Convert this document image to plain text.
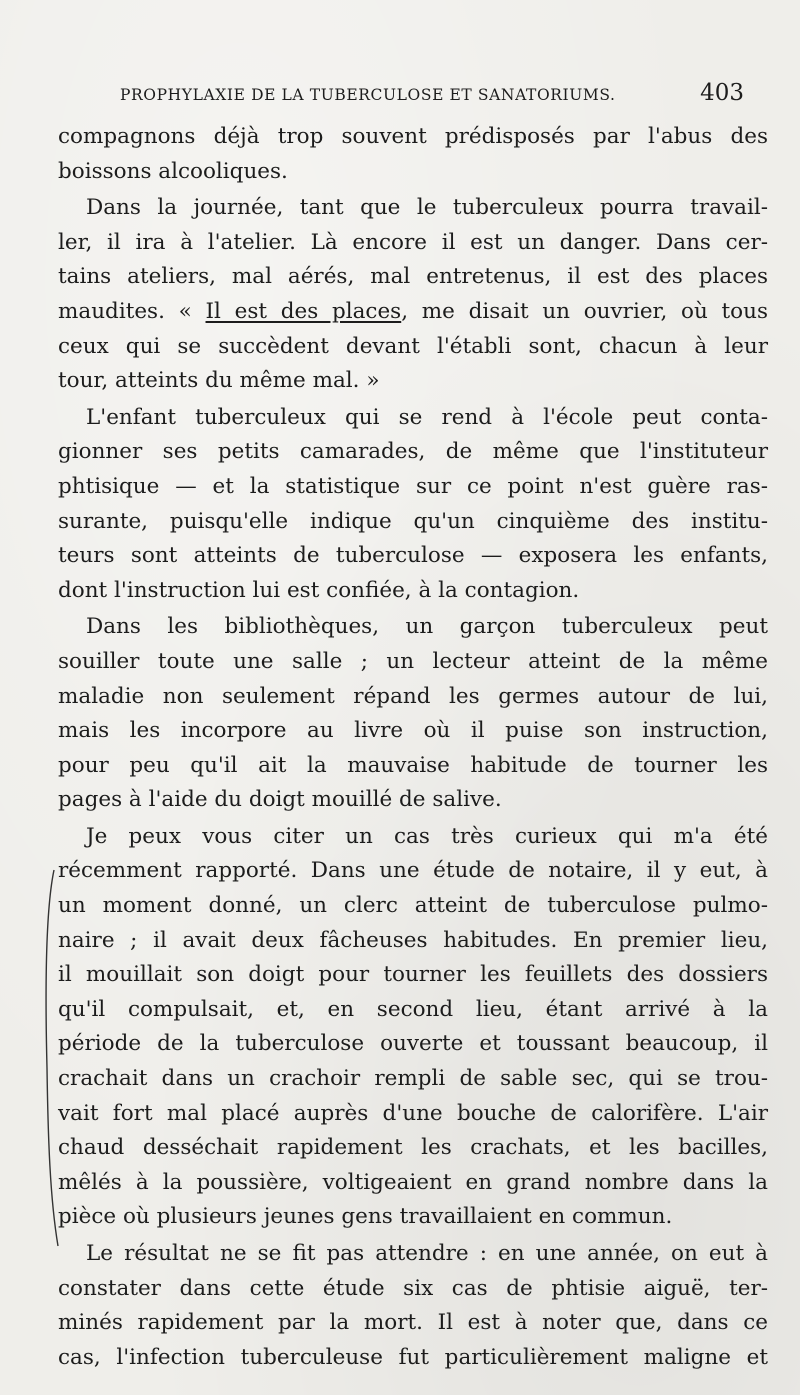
PROPHYLAXIE DE LA TUBERCULOSE ET SANATORIUMS.	403
compagnons déjà trop souvent prédisposés par l'abus des
boissons alcooliques.
Dans la journée, tant que le tuberculeux pourra travail-
ler, il ira à l'atelier. Là encore il est un danger. Dans cer-
tains ateliers, mal aérés, mal entretenus, il est des places
maudites. « Il est des places, me disait un ouvrier, où tous
ceux qui se succèdent devant l'établi sont, chacun à leur
tour, atteints du même mal. »
L'enfant tuberculeux qui se rend à l'école peut conta-
gionner ses petits camarades, de même que l'instituteur
phtisique — et la statistique sur ce point n'est guère ras-
surante, puisqu'elle indique qu'un cinquième des institu-
teurs sont atteints de tuberculose — exposera les enfants,
dont l'instruction lui est confiée, à la contagion.
Dans les bibliothèques, un garçon tuberculeux peut
souiller toute une salle ; un lecteur atteint de la même
maladie non seulement répand les germes autour de lui,
mais les incorpore au livre où il puise son instruction,
pour peu qu'il ait la mauvaise habitude de tourner les
pages à l'aide du doigt mouillé de salive.
Je peux vous citer un cas très curieux qui m'a été
récemment rapporté. Dans une étude de notaire, il y eut, à
un moment donné, un clerc atteint de tuberculose pulmo-
naire ; il avait deux fâcheuses habitudes. En premier lieu,
il mouillait son doigt pour tourner les feuillets des dossiers
qu'il compulsait, et, en second lieu, étant arrivé à la
période de la tuberculose ouverte et toussant beaucoup, il
crachait dans un crachoir rempli de sable sec, qui se trou-
vait fort mal placé auprès d'une bouche de calorifère. L'air
chaud desséchait rapidement les crachats, et les bacilles,
mêlés à la poussière, voltigeaient en grand nombre dans la
pièce où plusieurs jeunes gens travaillaient en commun.
Le résultat ne se fit pas attendre : en une année, on eut à
constater dans cette étude six cas de phtisie aiguë, ter-
minés rapidement par la mort. Il est à noter que, dans ce
cas, l'infection tuberculeuse fut particulièrement maligne et
